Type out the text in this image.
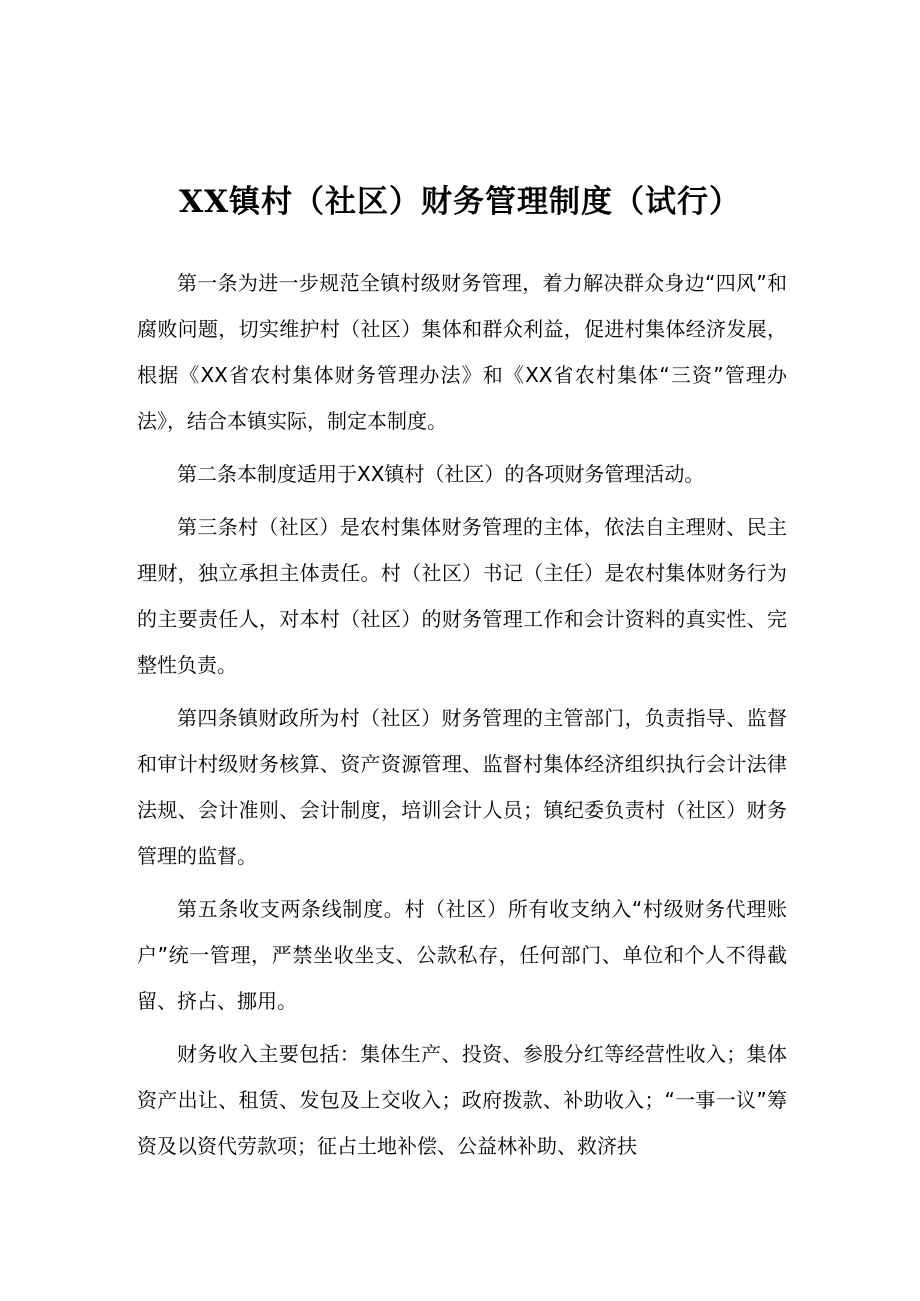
XX镇村（社区）财务管理制度（试行）

第一条为进一步规范全镇村级财务管理，着力解决群众身边“四风”和腐败问题，切实维护村（社区）集体和群众利益，促进村集体经济发展，根据《XX省农村集体财务管理办法》和《XX省农村集体“三资”管理办法》，结合本镇实际，制定本制度。

第二条本制度适用于XX镇村（社区）的各项财务管理活动。

第三条村（社区）是农村集体财务管理的主体，依法自主理财、民主理财，独立承担主体责任。村（社区）书记（主任）是农村集体财务行为的主要责任人，对本村（社区）的财务管理工作和会计资料的真实性、完整性负责。

第四条镇财政所为村（社区）财务管理的主管部门，负责指导、监督和审计村级财务核算、资产资源管理、监督村集体经济组织执行会计法律法规、会计准则、会计制度，培训会计人员；镇纪委负责村（社区）财务管理的监督。

第五条收支两条线制度。村（社区）所有收支纳入“村级财务代理账户”统一管理，严禁坐收坐支、公款私存，任何部门、单位和个人不得截留、挤占、挪用。

财务收入主要包括：集体生产、投资、参股分红等经营性收入；集体资产出让、租赁、发包及上交收入；政府拨款、补助收入；“一事一议”筹资及以资代劳款项；征占土地补偿、公益林补助、救济扶
